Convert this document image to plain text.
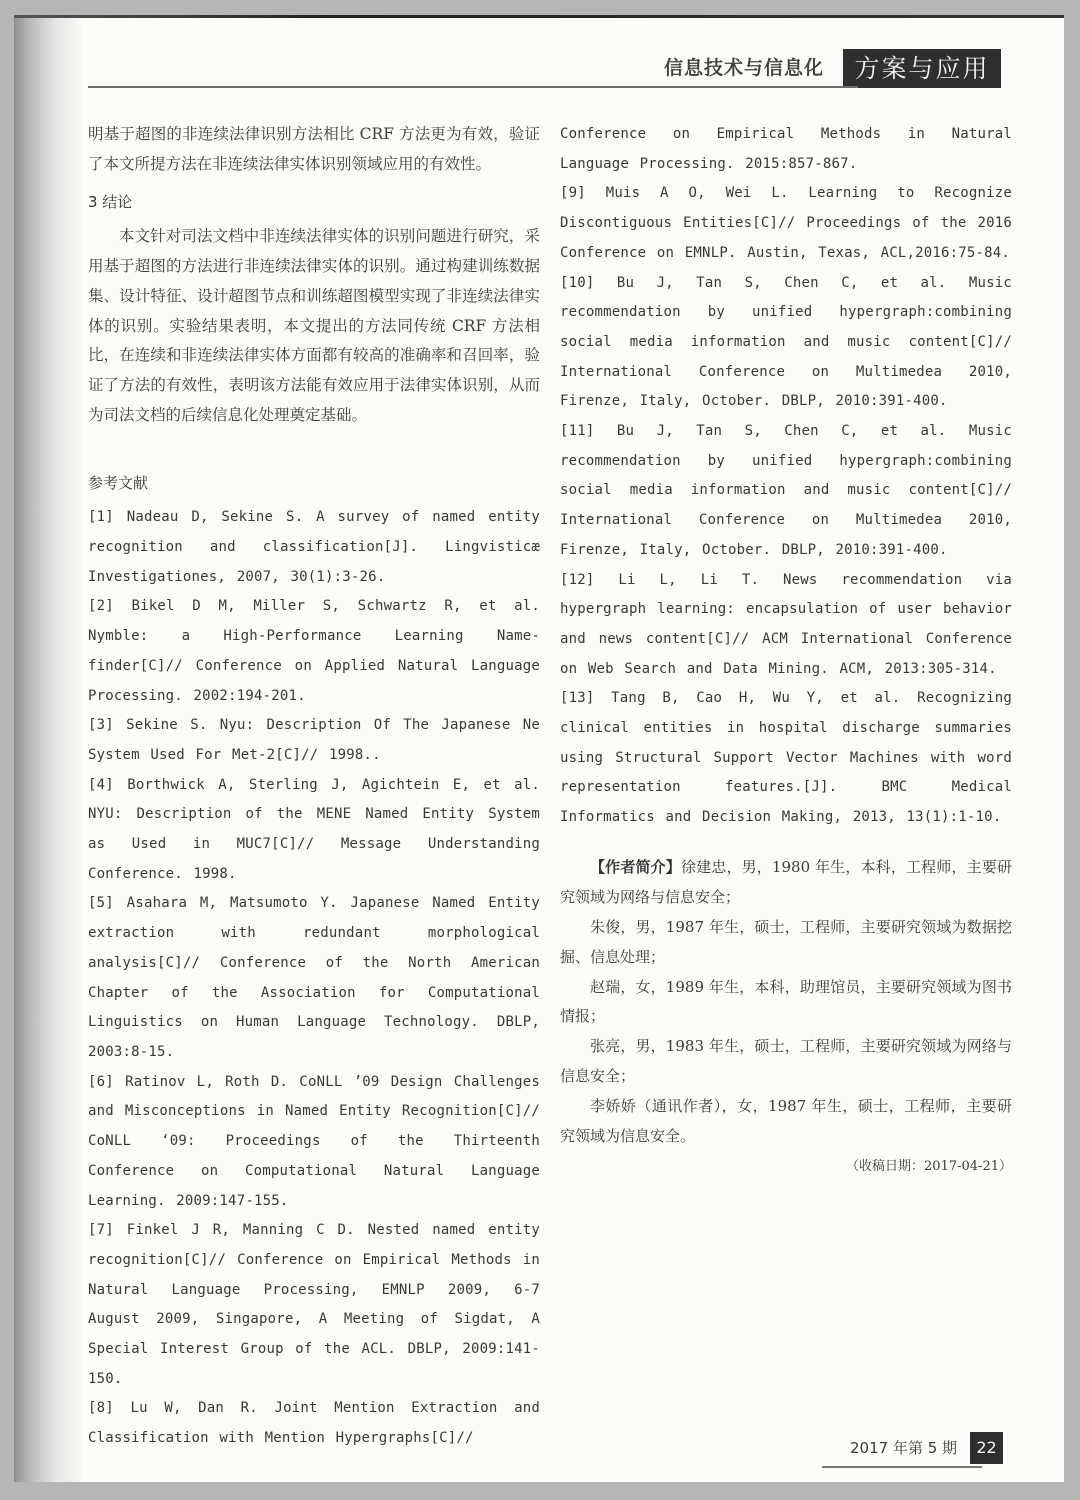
信息技术与信息化	方案与应用

明基于超图的非连续法律识别方法相比 CRF 方法更为有效，验证了本文所提方法在非连续法律实体识别领域应用的有效性。

3 结论

本文针对司法文档中非连续法律实体的识别问题进行研究，采用基于超图的方法进行非连续法律实体的识别。通过构建训练数据集、设计特征、设计超图节点和训练超图模型实现了非连续法律实体的识别。实验结果表明，本文提出的方法同传统 CRF 方法相比，在连续和非连续法律实体方面都有较高的准确率和召回率，验证了方法的有效性，表明该方法能有效应用于法律实体识别，从而为司法文档的后续信息化处理奠定基础。

参考文献

[1] Nadeau D, Sekine S. A survey of named entity recognition and classification[J]. Lingvisticæ Investigationes, 2007, 30(1):3-26.

[2] Bikel D M, Miller S, Schwartz R, et al. Nymble: a High-Performance Learning Name-finder[C]// Conference on Applied Natural Language Processing. 2002:194-201.

[3] Sekine S. Nyu: Description Of The Japanese Ne System Used For Met-2[C]// 1998..

[4] Borthwick A, Sterling J, Agichtein E, et al. NYU: Description of the MENE Named Entity System as Used in MUC7[C]// Message Understanding Conference. 1998.

[5] Asahara M, Matsumoto Y. Japanese Named Entity extraction with redundant morphological analysis[C]// Conference of the North American Chapter of the Association for Computational Linguistics on Human Language Technology. DBLP, 2003:8-15.

[6] Ratinov L, Roth D. CoNLL ’09 Design Challenges and Misconceptions in Named Entity Recognition[C]// CoNLL ‘09: Proceedings of the Thirteenth Conference on Computational Natural Language Learning. 2009:147-155.

[7] Finkel J R, Manning C D. Nested named entity recognition[C]// Conference on Empirical Methods in Natural Language Processing, EMNLP 2009, 6-7 August 2009, Singapore, A Meeting of Sigdat, A Special Interest Group of the ACL. DBLP, 2009:141-150.

[8] Lu W, Dan R. Joint Mention Extraction and Classification with Mention Hypergraphs[C]//

Conference on Empirical Methods in Natural Language Processing. 2015:857-867.

[9] Muis A O, Wei L. Learning to Recognize Discontiguous Entities[C]// Proceedings of the 2016 Conference on EMNLP. Austin, Texas, ACL,2016:75-84.

[10] Bu J, Tan S, Chen C, et al. Music recommendation by unified hypergraph:combining social media information and music content[C]// International Conference on Multimedea 2010, Firenze, Italy, October. DBLP, 2010:391-400.

[11] Bu J, Tan S, Chen C, et al. Music recommendation by unified hypergraph:combining social media information and music content[C]// International Conference on Multimedea 2010, Firenze, Italy, October. DBLP, 2010:391-400.

[12] Li L, Li T. News recommendation via hypergraph learning: encapsulation of user behavior and news content[C]// ACM International Conference on Web Search and Data Mining. ACM, 2013:305-314.

[13] Tang B, Cao H, Wu Y, et al. Recognizing clinical entities in hospital discharge summaries using Structural Support Vector Machines with word representation features.[J]. BMC Medical Informatics and Decision Making, 2013, 13(1):1-10.

【作者简介】徐建忠，男，1980 年生，本科，工程师，主要研究领域为网络与信息安全；

朱俊，男，1987 年生，硕士，工程师，主要研究领域为数据挖掘、信息处理；

赵瑞，女，1989 年生，本科，助理馆员，主要研究领域为图书情报；

张亮，男，1983 年生，硕士，工程师，主要研究领域为网络与信息安全；

李娇娇（通讯作者），女，1987 年生，硕士，工程师，主要研究领域为信息安全。

（收稿日期：2017-04-21）

2017 年第 5 期	22
